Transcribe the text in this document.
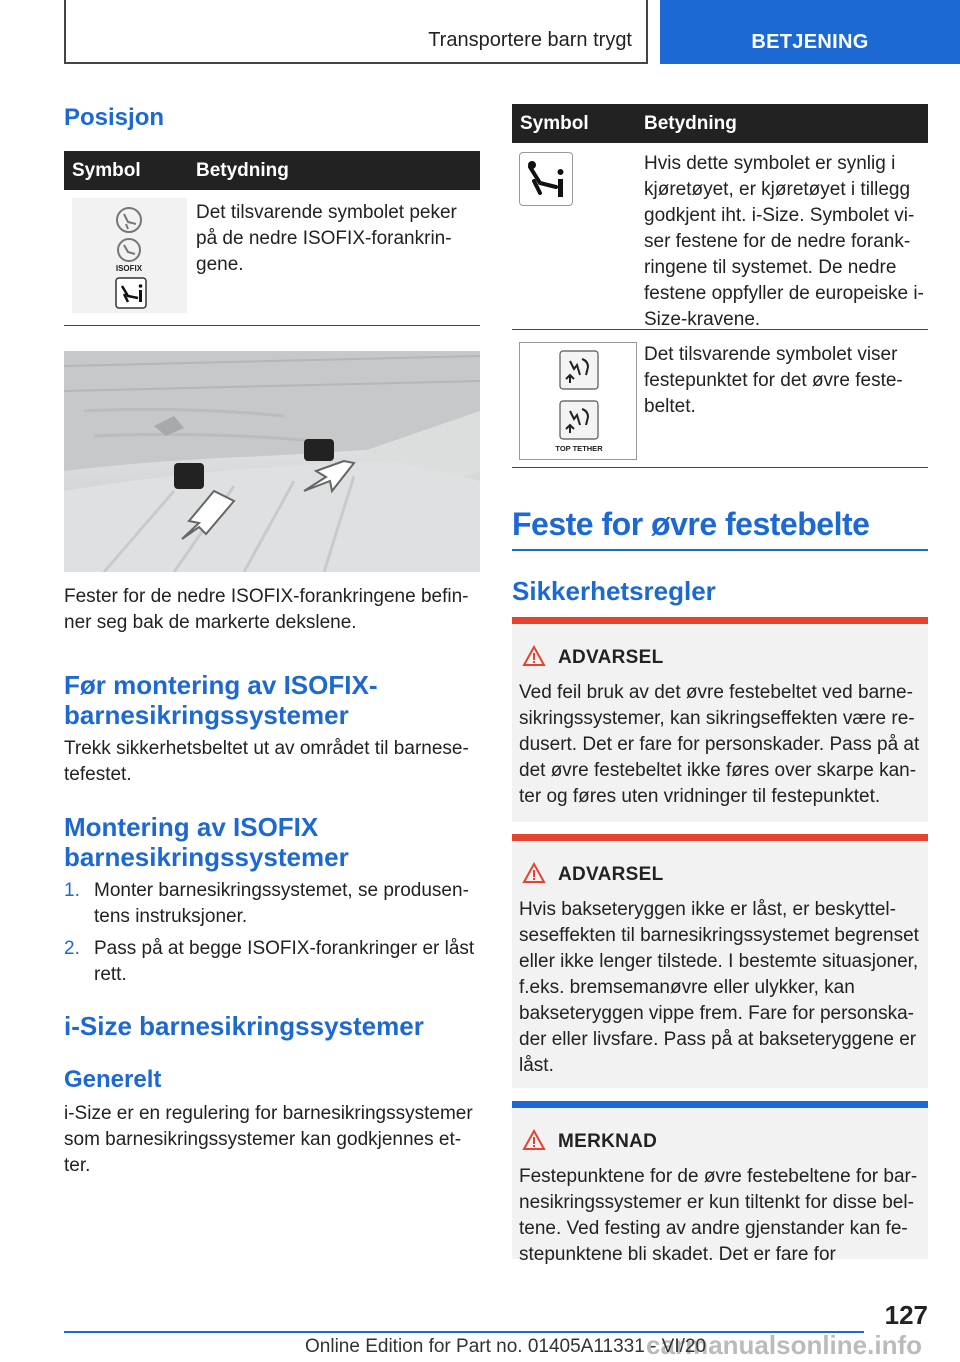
Transportere barn trygt	BETJENING
Posisjon
Symbol	Betydning
ISOFIX
Det tilsvarende symbolet peker på de nedre ISOFIX-forankringene.
Fester for de nedre ISOFIX-forankringene befinner seg bak de markerte dekslene.
Før montering av ISOFIX-barnesikringssystemer
Trekk sikkerhetsbeltet ut av området til barnesetefestet.
Montering av ISOFIX barnesikringssystemer
1. Monter barnesikringssystemet, se produsentens instruksjoner.
2. Pass på at begge ISOFIX-forankringer er låst rett.
i-Size barnesikringssystemer
Generelt
i-Size er en regulering for barnesikringssystemer som barnesikringssystemer kan godkjennes etter.
Symbol	Betydning
Hvis dette symbolet er synlig i kjøretøyet, er kjøretøyet i tillegg godkjent iht. i-Size. Symbolet viser festene for de nedre forankringene til systemet. De nedre festene oppfyller de europeiske i-Size-kravene.
TOP TETHER
Det tilsvarende symbolet viser festepunktet for det øvre festebeltet.
Feste for øvre festebelte
Sikkerhetsregler
ADVARSEL
Ved feil bruk av det øvre festebeltet ved barnesikringssystemer, kan sikringseffekten være redusert. Det er fare for personskader. Pass på at det øvre festebeltet ikke føres over skarpe kanter og føres uten vridninger til festepunktet.
ADVARSEL
Hvis bakseteryggen ikke er låst, er beskyttelseseffekten til barnesikringssystemet begrenset eller ikke lenger tilstede. I bestemte situasjoner, f.eks. bremsemanøvre eller ulykker, kan bakseteryggen vippe frem. Fare for personskader eller livsfare. Pass på at bakseteryggene er låst.
MERKNAD
Festepunktene for de øvre festebeltene for barnesikringssystemer er kun tiltenkt for disse beltene. Ved festing av andre gjenstander kan festepunktene bli skadet. Det er fare for
127
carmanualsonline.info
Online Edition for Part no. 01405A11331 - VI/20
